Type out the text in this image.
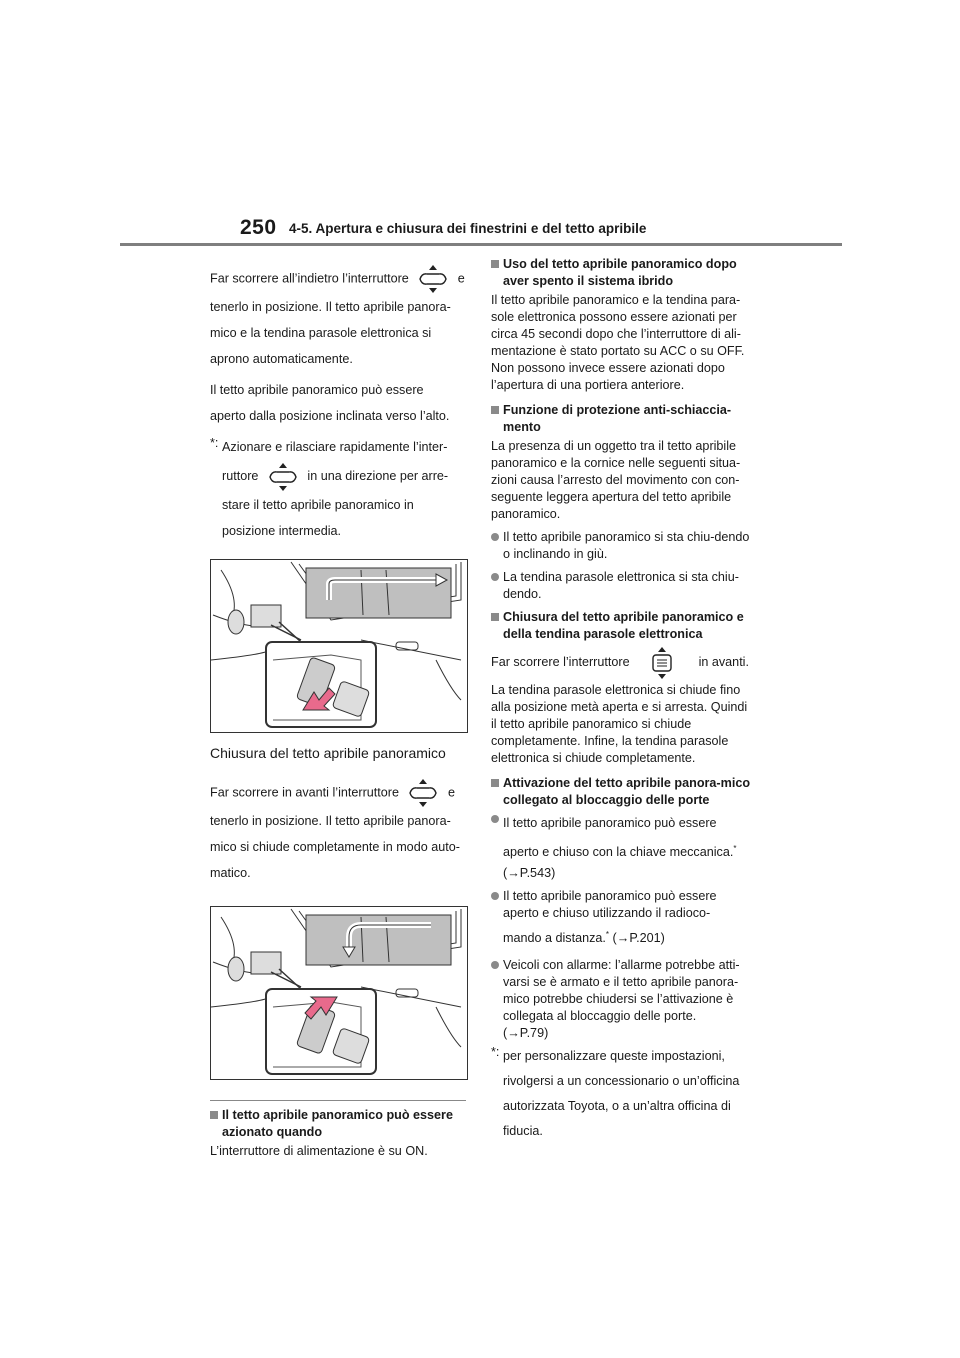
250 4-5. Apertura e chiusura dei finestrini e del tetto apribile

Far scorrere all’indietro l’interruttore	e

tenerlo in posizione. Il tetto apribile panora-

mico e la tendina parasole elettronica si

aprono automaticamente.

Il tetto apribile panoramico può essere

aperto dalla posizione inclinata verso l’alto.

*: Azionare e rilasciare rapidamente l’inter-

ruttore	in una direzione per arre-

stare il tetto apribile panoramico in

posizione intermedia.

Chiusura del tetto apribile panoramico

Far scorrere in avanti l’interruttore	e

tenerlo in posizione. Il tetto apribile panora-

mico si chiude completamente in modo auto-

matico.

Il tetto apribile panoramico può essere azionato quando

L’interruttore di alimentazione è su ON.

Uso del tetto apribile panoramico dopo aver spento il sistema ibrido

Il tetto apribile panoramico e la tendina para-sole elettronica possono essere azionati per circa 45 secondi dopo che l’interruttore di ali-mentazione è stato portato su ACC o su OFF. Non possono invece essere azionati dopo l’apertura di una portiera anteriore.

Funzione di protezione anti-schiaccia-mento

La presenza di un oggetto tra il tetto apribile panoramico e la cornice nelle seguenti situa-zioni causa l’arresto del movimento con con-seguente leggera apertura del tetto apribile panoramico.

Il tetto apribile panoramico si sta chiu-dendo o inclinando in giù.

La tendina parasole elettronica si sta chiu-dendo.

Chiusura del tetto apribile panoramico e della tendina parasole elettronica

Far scorrere l’interruttore	in avanti.

La tendina parasole elettronica si chiude fino alla posizione metà aperta e si arresta. Quindi il tetto apribile panoramico si chiude completamente. Infine, la tendina parasole elettronica si chiude completamente.

Attivazione del tetto apribile panora-mico collegato al bloccaggio delle porte

Il tetto apribile panoramico può essere

aperto e chiuso con la chiave meccanica.*

(→P.543)

Il tetto apribile panoramico può essere aperto e chiuso utilizzando il radioco-

mando a distanza.* (→P.201)

Veicoli con allarme: l’allarme potrebbe atti-varsi se è armato e il tetto apribile panora-mico potrebbe chiudersi se l’attivazione è collegata al bloccaggio delle porte.

(→P.79)

*: per personalizzare queste impostazioni,

rivolgersi a un concessionario o un’officina

autorizzata Toyota, o a un’altra officina di

fiducia.
